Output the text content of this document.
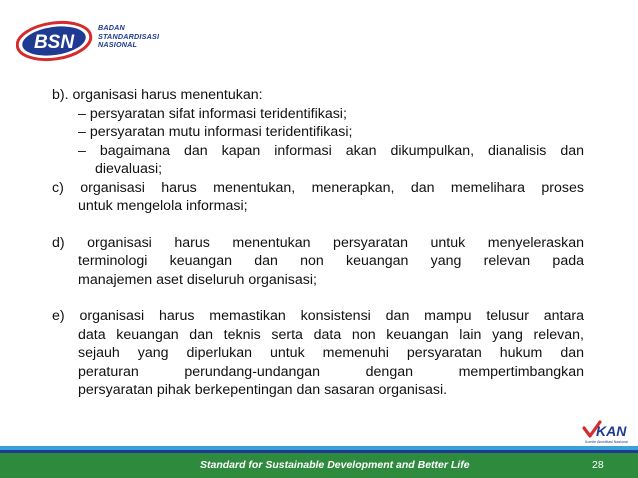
BSN
BADAN
STANDARDISASI
NASIONAL
b). organisasi harus menentukan:
– persyaratan sifat informasi teridentifikasi;
– persyaratan mutu informasi teridentifikasi;
– bagaimana dan kapan informasi akan dikumpulkan, dianalisis dan
dievaluasi;
c) organisasi harus menentukan, menerapkan, dan memelihara proses
untuk mengelola informasi;
d) organisasi harus menentukan persyaratan untuk menyeleraskan
terminologi keuangan dan non keuangan yang relevan pada
manajemen aset diseluruh organisasi;
e) organisasi harus memastikan konsistensi dan mampu telusur antara
data keuangan dan teknis serta data non keuangan lain yang relevan,
sejauh yang diperlukan untuk memenuhi persyaratan hukum dan
peraturan perundang-undangan dengan mempertimbangkan
persyaratan pihak berkepentingan dan sasaran organisasi.
KAN
Komite Akreditasi Nasional
Standard for Sustainable Development and Better Life	28
